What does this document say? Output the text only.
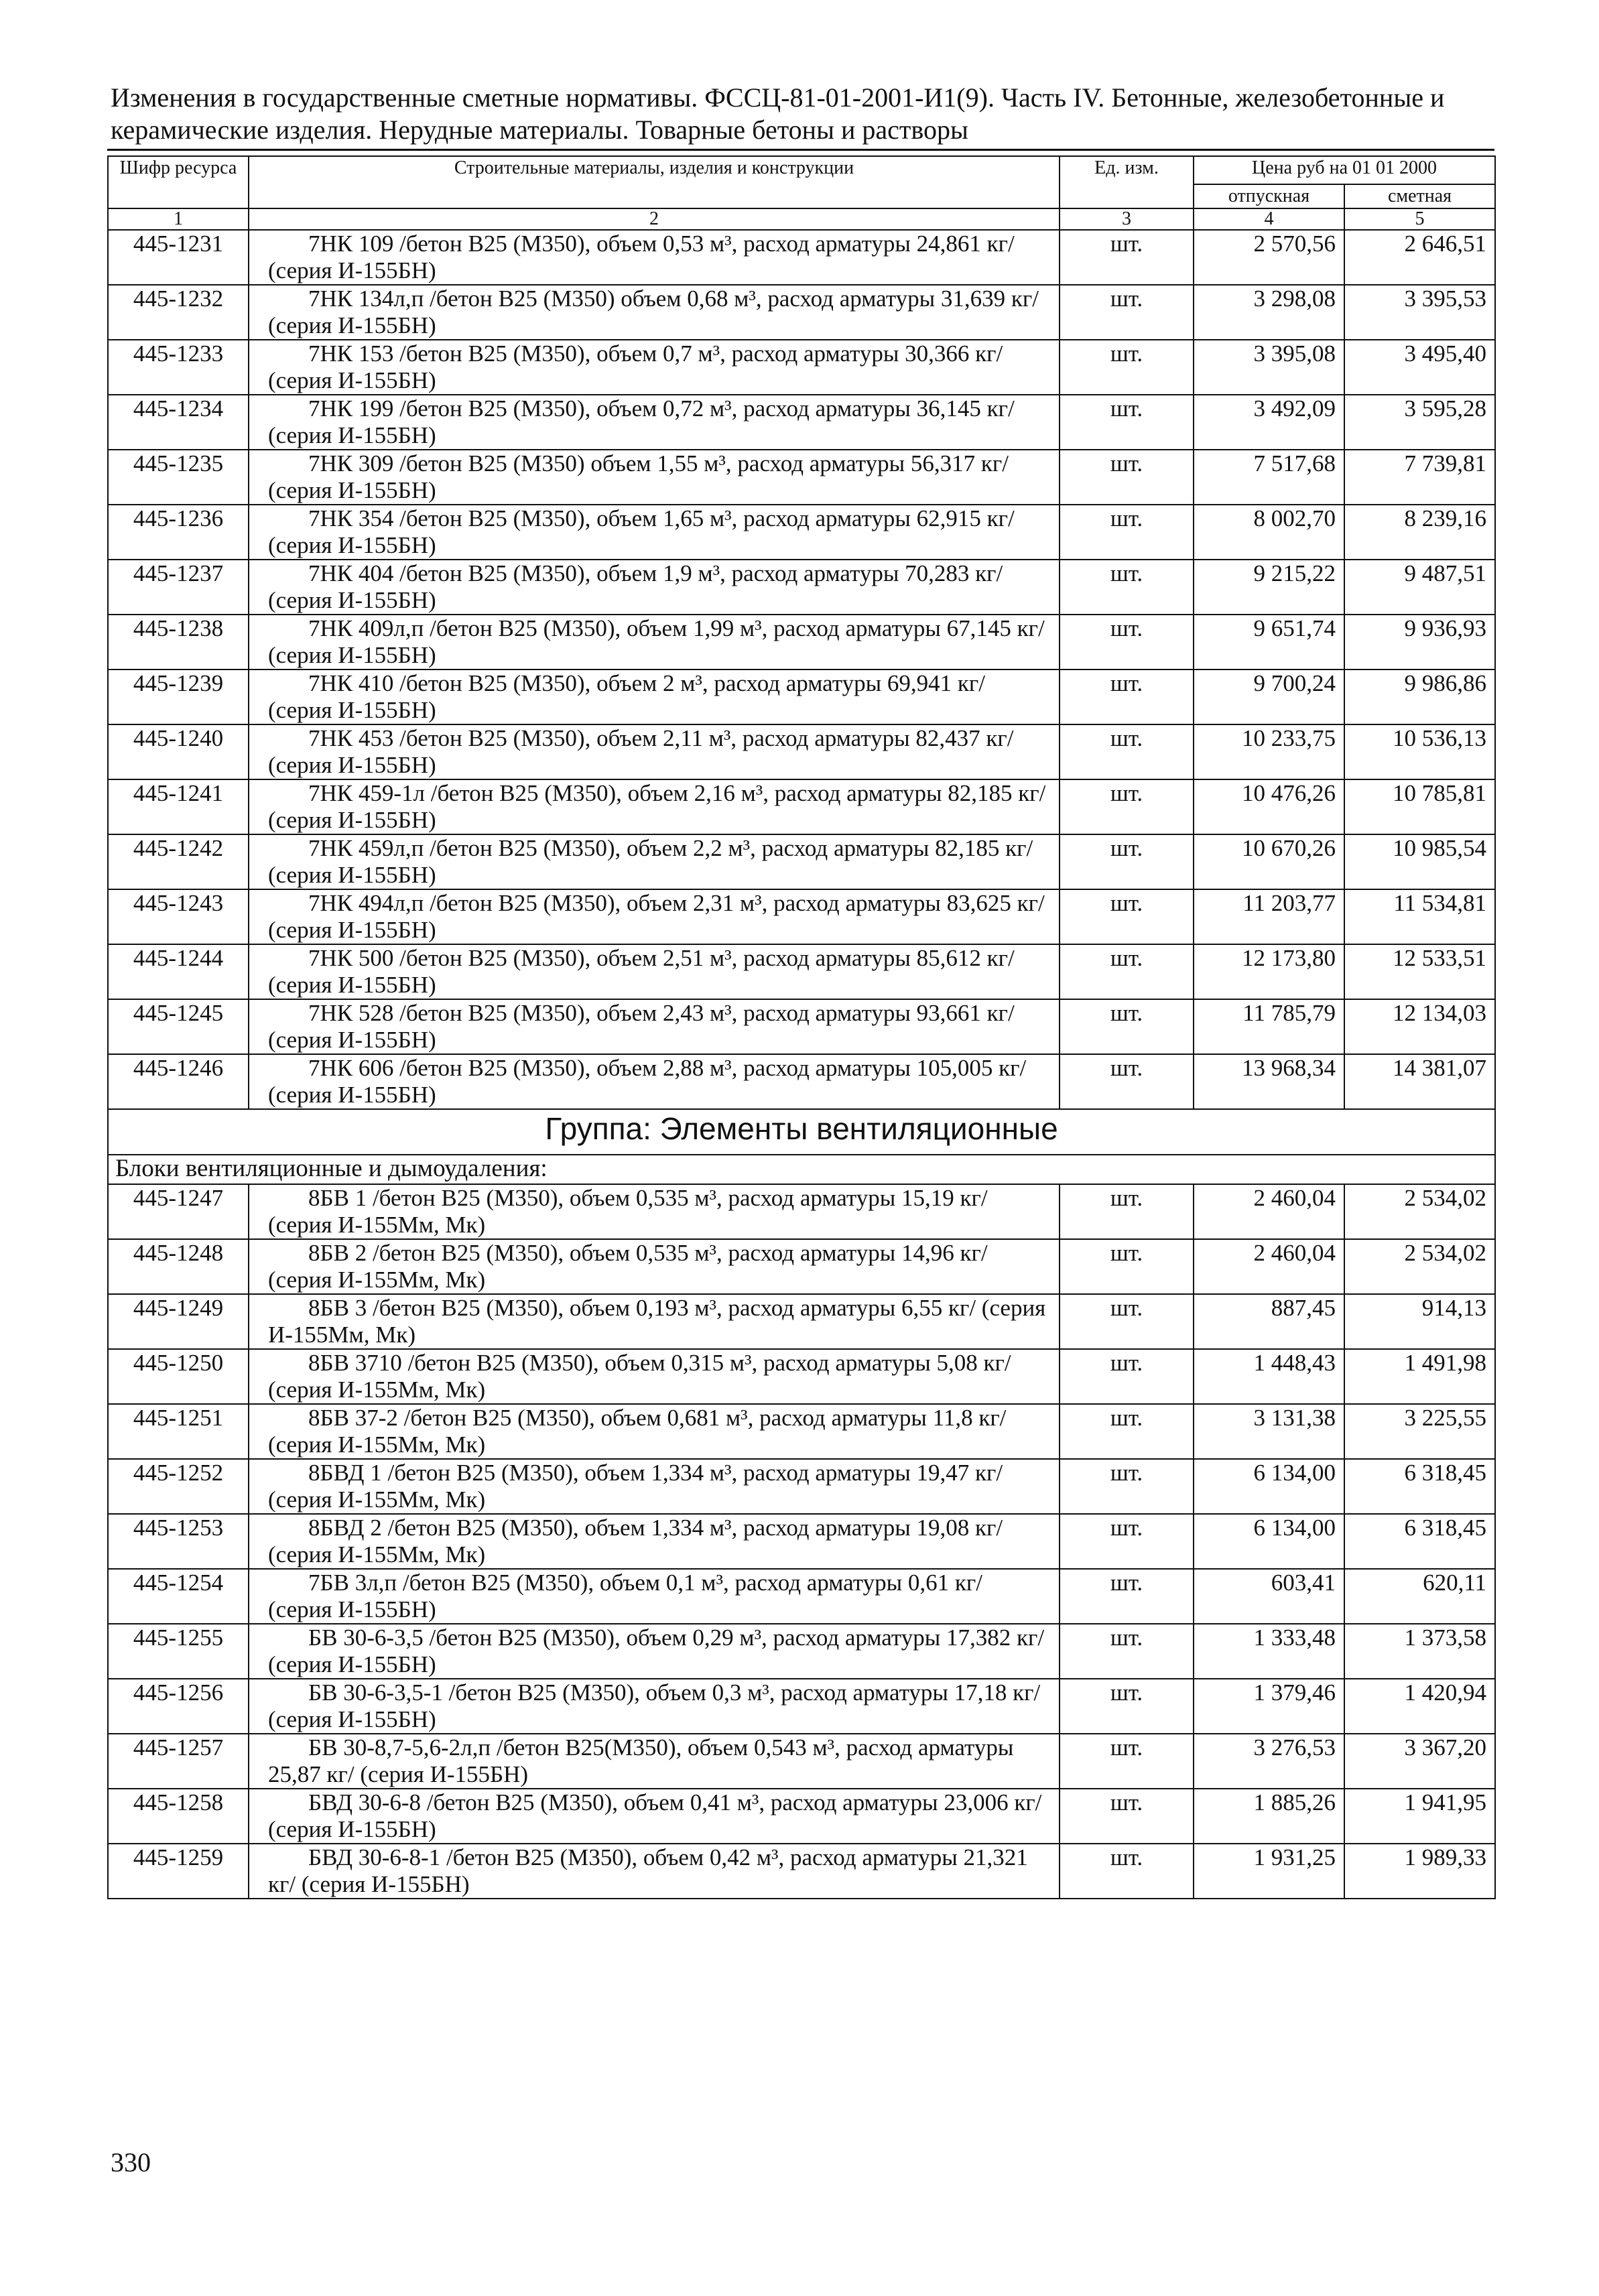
Изменения в государственные сметные нормативы. ФССЦ-81-01-2001-И1(9). Часть IV. Бетонные, железобетонные и керамические изделия. Нерудные материалы. Товарные бетоны и растворы
Шифр ресурса	Строительные материалы, изделия и конструкции	Ед. изм.	Цена руб на 01 01 2000	
			отпускная	сметная
1	2	3	4	5
445-1231	7НК 109 /бетон В25 (М350), объем 0,53 м³, расход арматуры 24,861 кг/ (серия И-155БН)	шт.	2 570,56	2 646,51
445-1232	7НК 134л,п /бетон В25 (М350) объем 0,68 м³, расход арматуры 31,639 кг/ (серия И-155БН)	шт.	3 298,08	3 395,53
445-1233	7НК 153 /бетон В25 (М350), объем 0,7 м³, расход арматуры 30,366 кг/ (серия И-155БН)	шт.	3 395,08	3 495,40
445-1234	7НК 199 /бетон В25 (М350), объем 0,72 м³, расход арматуры 36,145 кг/ (серия И-155БН)	шт.	3 492,09	3 595,28
445-1235	7НК 309 /бетон В25 (М350) объем 1,55 м³, расход арматуры 56,317 кг/ (серия И-155БН)	шт.	7 517,68	7 739,81
445-1236	7НК 354 /бетон В25 (М350), объем 1,65 м³, расход арматуры 62,915 кг/ (серия И-155БН)	шт.	8 002,70	8 239,16
445-1237	7НК 404 /бетон В25 (М350), объем 1,9 м³, расход арматуры 70,283 кг/ (серия И-155БН)	шт.	9 215,22	9 487,51
445-1238	7НК 409л,п /бетон В25 (М350), объем 1,99 м³, расход арматуры 67,145 кг/ (серия И-155БН)	шт.	9 651,74	9 936,93
445-1239	7НК 410 /бетон В25 (М350), объем 2 м³, расход арматуры 69,941 кг/ (серия И-155БН)	шт.	9 700,24	9 986,86
445-1240	7НК 453 /бетон В25 (М350), объем 2,11 м³, расход арматуры 82,437 кг/ (серия И-155БН)	шт.	10 233,75	10 536,13
445-1241	7НК 459-1л /бетон В25 (М350), объем 2,16 м³, расход арматуры 82,185 кг/ (серия И-155БН)	шт.	10 476,26	10 785,81
445-1242	7НК 459л,п /бетон В25 (М350), объем 2,2 м³, расход арматуры 82,185 кг/ (серия И-155БН)	шт.	10 670,26	10 985,54
445-1243	7НК 494л,п /бетон В25 (М350), объем 2,31 м³, расход арматуры 83,625 кг/ (серия И-155БН)	шт.	11 203,77	11 534,81
445-1244	7НК 500 /бетон В25 (М350), объем 2,51 м³, расход арматуры 85,612 кг/ (серия И-155БН)	шт.	12 173,80	12 533,51
445-1245	7НК 528 /бетон В25 (М350), объем 2,43 м³, расход арматуры 93,661 кг/ (серия И-155БН)	шт.	11 785,79	12 134,03
445-1246	7НК 606 /бетон В25 (М350), объем 2,88 м³, расход арматуры 105,005 кг/ (серия И-155БН)	шт.	13 968,34	14 381,07
Группа: Элементы вентиляционные				
Блоки вентиляционные и дымоудаления:				
445-1247	8БВ 1 /бетон В25 (М350), объем 0,535 м³, расход арматуры 15,19 кг/ (серия И-155Мм, Мк)	шт.	2 460,04	2 534,02
445-1248	8БВ 2 /бетон В25 (М350), объем 0,535 м³, расход арматуры 14,96 кг/ (серия И-155Мм, Мк)	шт.	2 460,04	2 534,02
445-1249	8БВ 3 /бетон В25 (М350), объем 0,193 м³, расход арматуры 6,55 кг/ (серия И-155Мм, Мк)	шт.	887,45	914,13
445-1250	8БВ 3710 /бетон В25 (М350), объем 0,315 м³, расход арматуры 5,08 кг/ (серия И-155Мм, Мк)	шт.	1 448,43	1 491,98
445-1251	8БВ 37-2 /бетон В25 (М350), объем 0,681 м³, расход арматуры 11,8 кг/ (серия И-155Мм, Мк)	шт.	3 131,38	3 225,55
445-1252	8БВД 1 /бетон В25 (М350), объем 1,334 м³, расход арматуры 19,47 кг/ (серия И-155Мм, Мк)	шт.	6 134,00	6 318,45
445-1253	8БВД 2 /бетон В25 (М350), объем 1,334 м³, расход арматуры 19,08 кг/ (серия И-155Мм, Мк)	шт.	6 134,00	6 318,45
445-1254	7БВ 3л,п /бетон В25 (М350), объем 0,1 м³, расход арматуры 0,61 кг/ (серия И-155БН)	шт.	603,41	620,11
445-1255	БВ 30-6-3,5 /бетон В25 (М350), объем 0,29 м³, расход арматуры 17,382 кг/ (серия И-155БН)	шт.	1 333,48	1 373,58
445-1256	БВ 30-6-3,5-1 /бетон В25 (М350), объем 0,3 м³, расход арматуры 17,18 кг/ (серия И-155БН)	шт.	1 379,46	1 420,94
445-1257	БВ 30-8,7-5,6-2л,п /бетон В25(М350), объем 0,543 м³, расход арматуры 25,87 кг/ (серия И-155БН)	шт.	3 276,53	3 367,20
445-1258	БВД 30-6-8 /бетон В25 (М350), объем 0,41 м³, расход арматуры 23,006 кг/ (серия И-155БН)	шт.	1 885,26	1 941,95
445-1259	БВД 30-6-8-1 /бетон В25 (М350), объем 0,42 м³, расход арматуры 21,321 кг/ (серия И-155БН)	шт.	1 931,25	1 989,33
330
